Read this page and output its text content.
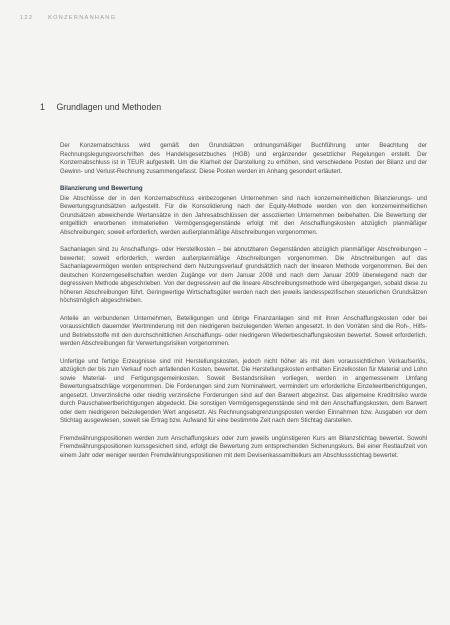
122	KONZERNANHANG
1 Grundlagen und Methoden

Der Konzernabschluss wird gemäß den Grundsätzen ordnungsmäßiger Buchführung unter Beachtung der Rechnungslegungsvorschriften des Handelsgesetzbuches (HGB) und ergänzender gesetzlicher Regelungen erstellt. Der Konzernabschluss ist in TEUR aufgestellt. Um die Klarheit der Darstellung zu erhöhen, sind verschiedene Posten der Bilanz und der Gewinn- und Verlust-Rechnung zusammengefasst. Diese Posten werden im Anhang gesondert erläutert.

Bilanzierung und Bewertung

Die Abschlüsse der in den Konzernabschluss einbezogenen Unternehmen sind nach konzerneinheitlichen Bilanzierungs- und Bewertungsgrundsätzen aufgestellt. Für die Konsolidierung nach der Equity-Methode werden von den konzerneinheitlichen Grundsätzen abweichende Wertansätze in den Jahresabschlüssen der assoziierten Unternehmen beibehalten. Die Bewertung der entgeltlich erworbenen immateriellen Vermögensgegenstände erfolgt mit den Anschaffungskosten abzüglich planmäßiger Abschreibungen; soweit erforderlich, werden außerplanmäßige Abschreibungen vorgenommen.

Sachanlagen sind zu Anschaffungs- oder Herstellkosten – bei abnutzbaren Gegenständen abzüglich planmäßiger Abschreibungen – bewertet; soweit erforderlich, werden außerplanmäßige Abschreibungen vorgenommen. Die Abschreibungen auf das Sachanlagevermögen werden entsprechend dem Nutzungsverlauf grundsätzlich nach der linearen Methode vorgenommen. Bei den deutschen Konzerngesellschaften werden Zugänge vor dem Januar 2008 und nach dem Januar 2009 überwiegend nach der degressiven Methode abgeschrieben. Von der degressiven auf die lineare Abschreibungsmethode wird übergegangen, sobald diese zu höheren Abschreibungen führt. Geringwertige Wirtschaftsgüter werden nach den jeweils landesspezifischen steuerlichen Grundsätzen höchstmöglich abgeschrieben.

Anteile an verbundenen Unternehmen, Beteiligungen und übrige Finanzanlagen sind mit ihren Anschaffungskosten oder bei voraussichtlich dauernder Wertminderung mit den niedrigeren beizulegenden Werten angesetzt. In den Vorräten sind die Roh-, Hilfs- und Betriebsstoffe mit den durchschnittlichen Anschaffungs- oder niedrigeren Wiederbeschaffungskosten bewertet. Soweit erforderlich, werden Abschreibungen für Verwertungsrisiken vorgenommen.

Unfertige und fertige Erzeugnisse sind mit Herstellungskosten, jedoch nicht höher als mit dem voraussichtlichen Verkaufserlös, abzüglich der bis zum Verkauf noch anfallenden Kosten, bewertet. Die Herstellungskosten enthalten Einzelkosten für Material und Lohn sowie Material- und Fertigungsgemeinkosten. Soweit Bestandsrisiken vorliegen, werden in angemessenem Umfang Bewertungsabschläge vorgenommen. Die Forderungen sind zum Nominalwert, vermindert um erforderliche Einzelwertberichtigungen, angesetzt. Unverzinsliche oder niedrig verzinsliche Forderungen sind auf den Barwert abgezinst. Das allgemeine Kreditrisiko wurde durch Pauschalwertberichtigungen abgedeckt. Die sonstigen Vermögensgegenstände sind mit den Anschaffungskosten, dem Barwert oder dem niedrigeren beizulegenden Wert angesetzt. Als Rechnungsabgrenzungsposten werden Einnahmen bzw. Ausgaben vor dem Stichtag ausgewiesen, soweit sie Ertrag bzw. Aufwand für eine bestimmte Zeit nach dem Stichtag darstellen.

Fremdwährungspositionen werden zum Anschaffungskurs oder zum jeweils ungünstigeren Kurs am Bilanzstichtag bewertet. Sowohl Fremdwährungspositionen kurssgesichert sind, erfolgt die Bewertung zum entsprechenden Sicherungskurs. Bei einer Restlaufzeit von einem Jahr oder weniger werden Fremdwährungspositionen mit dem Devisenkassamittelkurs am Abschlussstichtag bewertet.
